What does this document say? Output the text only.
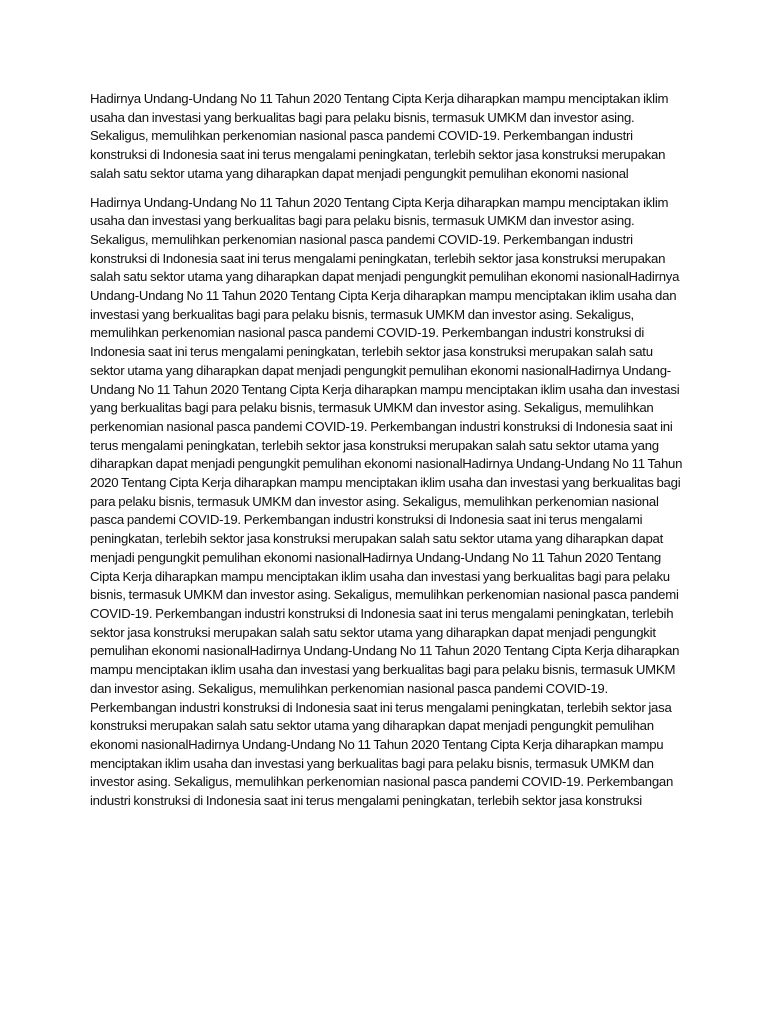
Hadirnya Undang-Undang No 11 Tahun 2020 Tentang Cipta Kerja diharapkan mampu menciptakan iklim usaha dan investasi yang berkualitas bagi para pelaku bisnis, termasuk UMKM dan investor asing. Sekaligus, memulihkan perkenomian nasional pasca pandemi COVID-19. Perkembangan industri konstruksi di Indonesia saat ini terus mengalami peningkatan, terlebih sektor jasa konstruksi merupakan salah satu sektor utama yang diharapkan dapat menjadi pengungkit pemulihan ekonomi nasional

Hadirnya Undang-Undang No 11 Tahun 2020 Tentang Cipta Kerja diharapkan mampu menciptakan iklim usaha dan investasi yang berkualitas bagi para pelaku bisnis, termasuk UMKM dan investor asing. Sekaligus, memulihkan perkenomian nasional pasca pandemi COVID-19. Perkembangan industri konstruksi di Indonesia saat ini terus mengalami peningkatan, terlebih sektor jasa konstruksi merupakan salah satu sektor utama yang diharapkan dapat menjadi pengungkit pemulihan ekonomi nasionalHadirnya Undang-Undang No 11 Tahun 2020 Tentang Cipta Kerja diharapkan mampu menciptakan iklim usaha dan investasi yang berkualitas bagi para pelaku bisnis, termasuk UMKM dan investor asing. Sekaligus, memulihkan perkenomian nasional pasca pandemi COVID-19. Perkembangan industri konstruksi di Indonesia saat ini terus mengalami peningkatan, terlebih sektor jasa konstruksi merupakan salah satu sektor utama yang diharapkan dapat menjadi pengungkit pemulihan ekonomi nasionalHadirnya Undang-Undang No 11 Tahun 2020 Tentang Cipta Kerja diharapkan mampu menciptakan iklim usaha dan investasi yang berkualitas bagi para pelaku bisnis, termasuk UMKM dan investor asing. Sekaligus, memulihkan perkenomian nasional pasca pandemi COVID-19. Perkembangan industri konstruksi di Indonesia saat ini terus mengalami peningkatan, terlebih sektor jasa konstruksi merupakan salah satu sektor utama yang diharapkan dapat menjadi pengungkit pemulihan ekonomi nasionalHadirnya Undang-Undang No 11 Tahun 2020 Tentang Cipta Kerja diharapkan mampu menciptakan iklim usaha dan investasi yang berkualitas bagi para pelaku bisnis, termasuk UMKM dan investor asing. Sekaligus, memulihkan perkenomian nasional pasca pandemi COVID-19. Perkembangan industri konstruksi di Indonesia saat ini terus mengalami peningkatan, terlebih sektor jasa konstruksi merupakan salah satu sektor utama yang diharapkan dapat menjadi pengungkit pemulihan ekonomi nasionalHadirnya Undang-Undang No 11 Tahun 2020 Tentang Cipta Kerja diharapkan mampu menciptakan iklim usaha dan investasi yang berkualitas bagi para pelaku bisnis, termasuk UMKM dan investor asing. Sekaligus, memulihkan perkenomian nasional pasca pandemi COVID-19. Perkembangan industri konstruksi di Indonesia saat ini terus mengalami peningkatan, terlebih sektor jasa konstruksi merupakan salah satu sektor utama yang diharapkan dapat menjadi pengungkit pemulihan ekonomi nasionalHadirnya Undang-Undang No 11 Tahun 2020 Tentang Cipta Kerja diharapkan mampu menciptakan iklim usaha dan investasi yang berkualitas bagi para pelaku bisnis, termasuk UMKM dan investor asing. Sekaligus, memulihkan perkenomian nasional pasca pandemi COVID-19. Perkembangan industri konstruksi di Indonesia saat ini terus mengalami peningkatan, terlebih sektor jasa konstruksi merupakan salah satu sektor utama yang diharapkan dapat menjadi pengungkit pemulihan ekonomi nasionalHadirnya Undang-Undang No 11 Tahun 2020 Tentang Cipta Kerja diharapkan mampu menciptakan iklim usaha dan investasi yang berkualitas bagi para pelaku bisnis, termasuk UMKM dan investor asing. Sekaligus, memulihkan perkenomian nasional pasca pandemi COVID-19. Perkembangan industri konstruksi di Indonesia saat ini terus mengalami peningkatan, terlebih sektor jasa konstruksi
